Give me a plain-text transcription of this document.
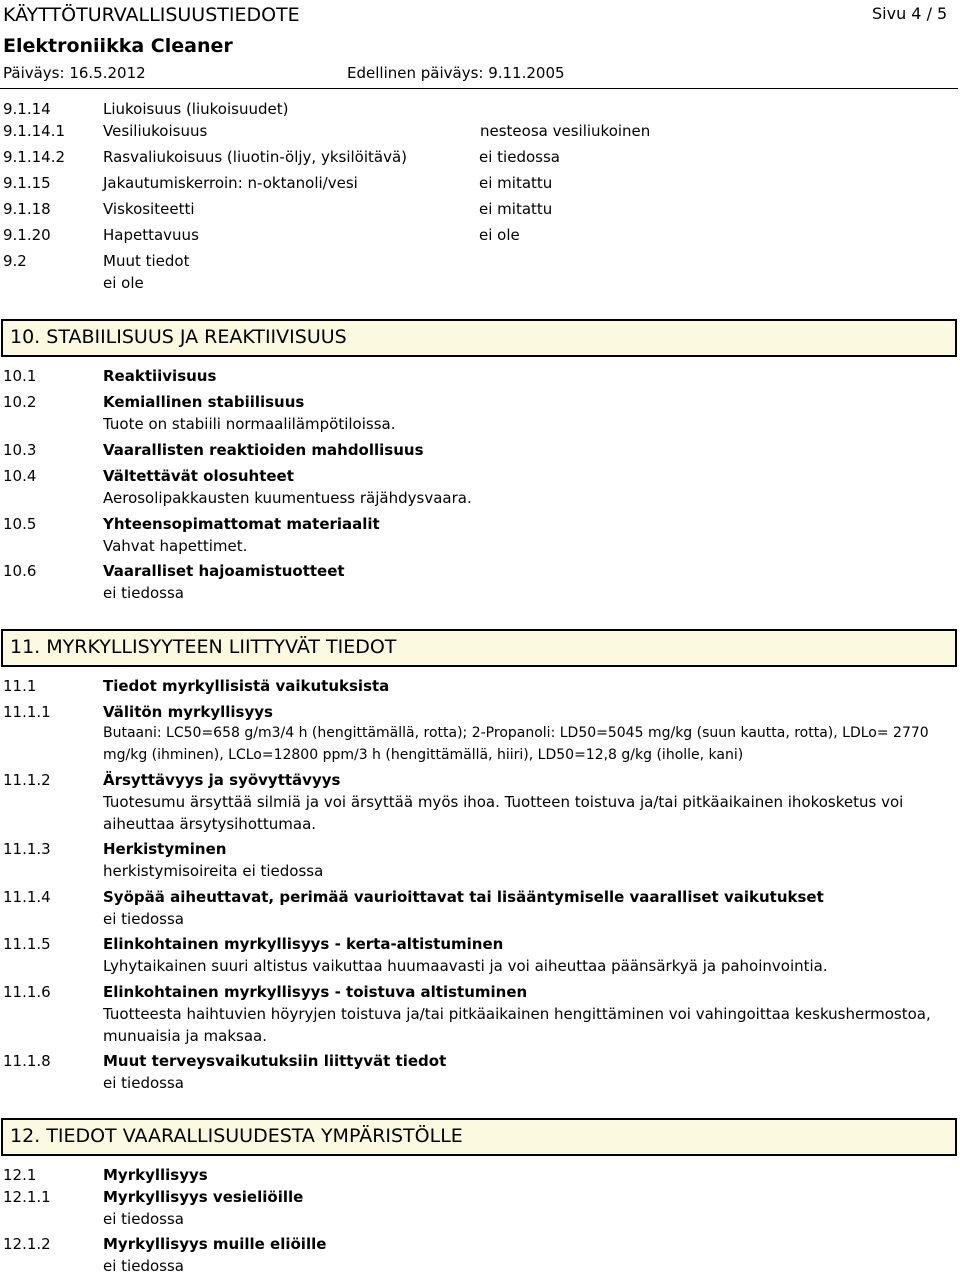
KÄYTTÖTURVALLISUUSTIEDOTE
Elektroniikka Cleaner
Päiväys: 16.5.2012	Edellinen päiväys: 9.11.2005
Sivu 4 / 5
9.1.14	Liukoisuus (liukoisuudet)
9.1.14.1	Vesiliukoisuus	nesteosa vesiliukoinen
9.1.14.2	Rasvaliukoisuus (liuotin-öljy, yksilöitävä)	ei tiedossa
9.1.15	Jakautumiskerroin: n-oktanoli/vesi	ei mitattu
9.1.18	Viskositeetti	ei mitattu
9.1.20	Hapettavuus	ei ole
9.2	Muut tiedot
ei ole
10. STABIILISUUS JA REAKTIIVISUUS
10.1	Reaktiivisuus
10.2	Kemiallinen stabiilisuus
Tuote on stabiili normaalilämpötiloissa.
10.3	Vaarallisten reaktioiden mahdollisuus
10.4	Vältettävät olosuhteet
Aerosolipakkausten kuumentuess räjähdysvaara.
10.5	Yhteensopimattomat materiaalit
Vahvat hapettimet.
10.6	Vaaralliset hajoamistuotteet
ei tiedossa
11. MYRKYLLISYYTEEN LIITTYVÄT TIEDOT
11.1	Tiedot myrkyllisistä vaikutuksista
11.1.1	Välitön myrkyllisyys
Butaani: LC50=658 g/m3/4 h (hengittämällä, rotta); 2-Propanoli: LD50=5045 mg/kg (suun kautta, rotta), LDLo= 2770 mg/kg (ihminen), LCLo=12800 ppm/3 h (hengittämällä, hiiri), LD50=12,8 g/kg (iholle, kani)
11.1.2	Ärsyttävyys ja syövyttävyys
Tuotesumu ärsyttää silmiä ja voi ärsyttää myös ihoa. Tuotteen toistuva ja/tai pitkäaikainen ihokosketus voi aiheuttaa ärsytysihottumaa.
11.1.3	Herkistyminen
herkistymisoireita ei tiedossa
11.1.4	Syöpää aiheuttavat, perimää vaurioittavat tai lisääntymiselle vaaralliset vaikutukset
ei tiedossa
11.1.5	Elinkohtainen myrkyllisyys - kerta-altistuminen
Lyhytaikainen suuri altistus vaikuttaa huumaavasti ja voi aiheuttaa päänsärkyä ja pahoinvointia.
11.1.6	Elinkohtainen myrkyllisyys - toistuva altistuminen
Tuotteesta haihtuvien höyryjen toistuva ja/tai pitkäaikainen hengittäminen voi vahingoittaa keskushermostoa, munuaisia ja maksaa.
11.1.8	Muut terveysvaikutuksiin liittyvät tiedot
ei tiedossa
12. TIEDOT VAARALLISUUDESTA YMPÄRISTÖLLE
12.1	Myrkyllisyys
12.1.1	Myrkyllisyys vesieliöille
ei tiedossa
12.1.2	Myrkyllisyys muille eliöille
ei tiedossa
